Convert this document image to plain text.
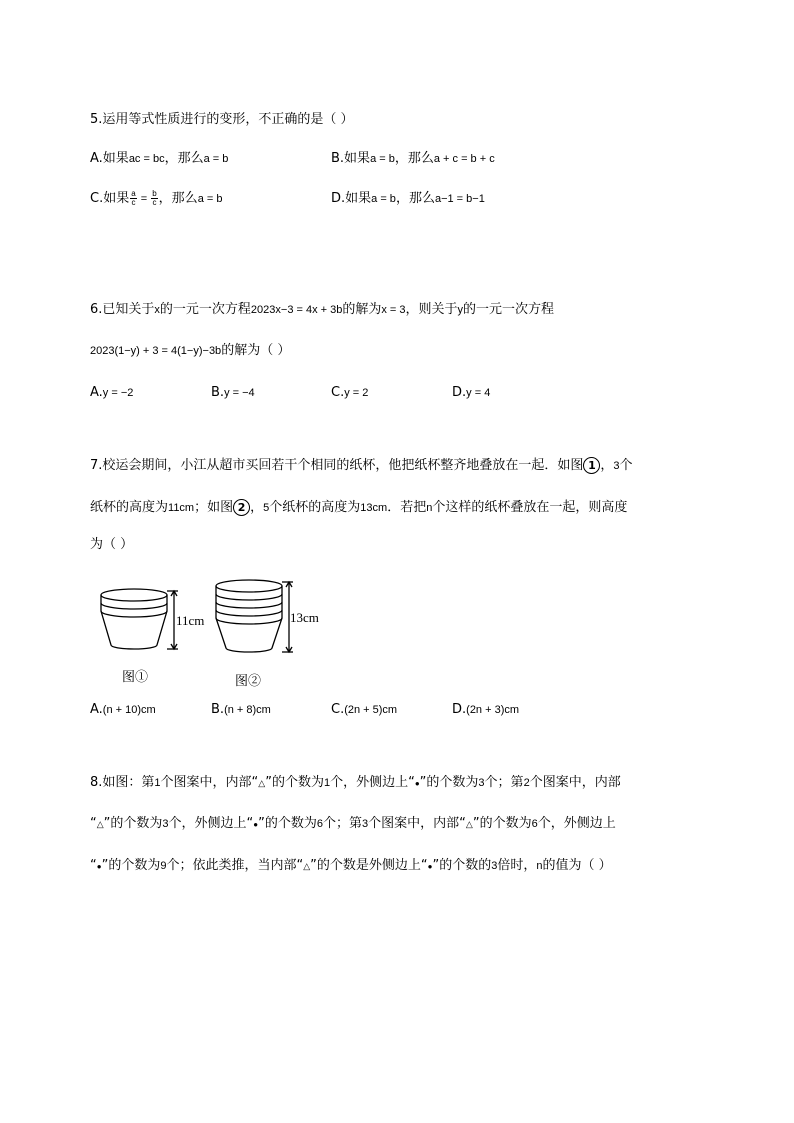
5.运用等式性质进行的变形，不正确的是（ ）
A.如果ac = bc，那么a = b	B.如果a = b，那么a + c = b + c
C.如果 $\frac{a}{c} = \frac{b}{c}$ ，那么a = b	D.如果a = b，那么a−1 = b−1
6.已知关于x的一元一次方程2023x−3 = 4x + 3b的解为x = 3，则关于y的一元一次方程
2023(1−y) + 3 = 4(1−y)−3b的解为（ ）
A.y = −2	B.y = −4	C.y = 2	D.y = 4
7.校运会期间，小江从超市买回若干个相同的纸杯，他把纸杯整齐地叠放在一起．如图 1 ，3个
纸杯的高度为11cm；如图 2 ，5个纸杯的高度为13cm．若把n个这样的纸杯叠放在一起，则高度
为（ ）
11cm
图①
13cm
图②
A.(n + 10)cm	B.(n + 8)cm	C.(2n + 5)cm	D.(2n + 3)cm
8.如图：第1个图案中，内部“△”的个数为1个，外侧边上“●”的个数为3个；第2个图案中，内部
“△”的个数为3个，外侧边上“●”的个数为6个；第3个图案中，内部“△”的个数为6个，外侧边上
“●”的个数为9个；依此类推，当内部“△”的个数是外侧边上“●”的个数的3倍时，n的值为（ ）
